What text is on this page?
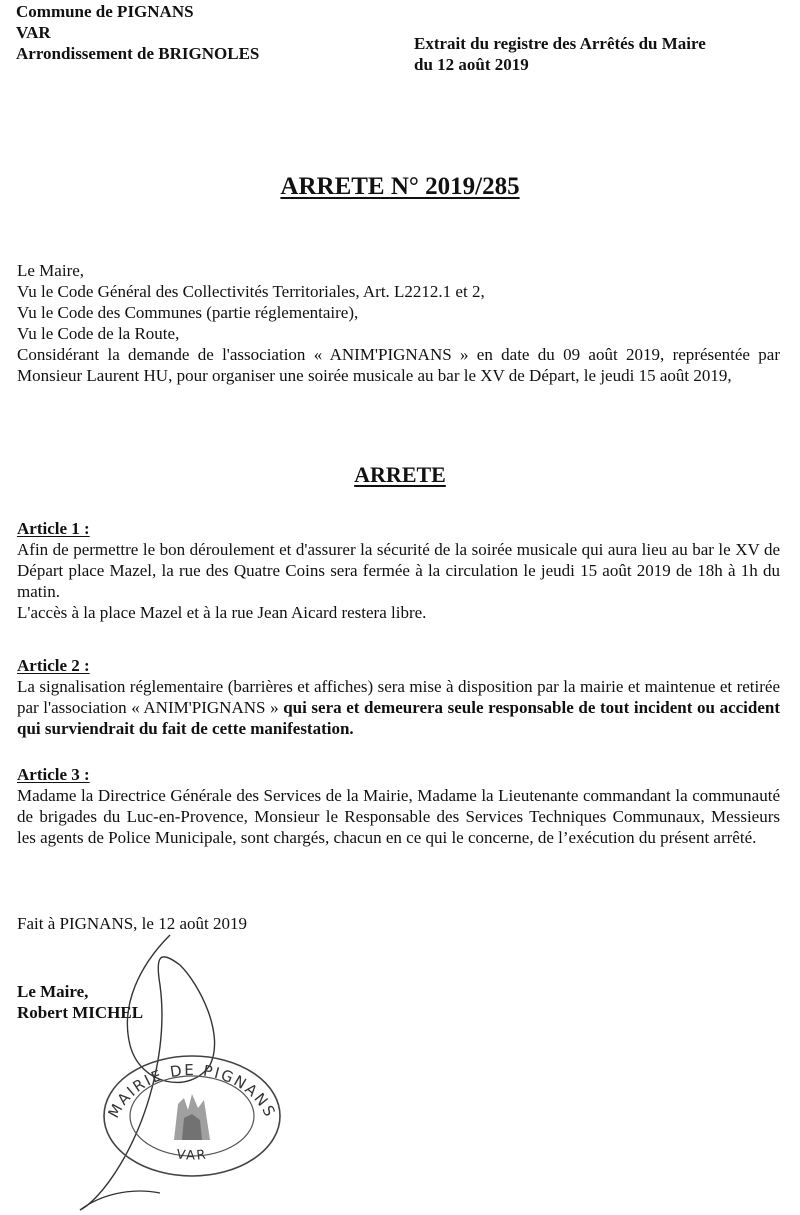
Commune de PIGNANS
VAR
Arrondissement de BRIGNOLES
Extrait du registre des Arrêtés du Maire
du 12 août 2019
ARRETE N° 2019/285

Le Maire,

Vu le Code Général des Collectivités Territoriales, Art. L2212.1 et 2,

Vu le Code des Communes (partie réglementaire),

Vu le Code de la Route,

Considérant la demande de l'association « ANIM'PIGNANS » en date du 09 août 2019, représentée par Monsieur Laurent HU, pour organiser une soirée musicale au bar le XV de Départ, le jeudi 15 août 2019,

ARRETE

Article 1 :

Afin de permettre le bon déroulement et d'assurer la sécurité de la soirée musicale qui aura lieu au bar le XV de Départ place Mazel, la rue des Quatre Coins sera fermée à la circulation le jeudi 15 août 2019 de 18h à 1h du matin.

L'accès à la place Mazel et à la rue Jean Aicard restera libre.

Article 2 :

La signalisation réglementaire (barrières et affiches) sera mise à disposition par la mairie et maintenue et retirée par l'association « ANIM'PIGNANS » qui sera et demeurera seule responsable de tout incident ou accident qui surviendrait du fait de cette manifestation.

Article 3 :

Madame la Directrice Générale des Services de la Mairie, Madame la Lieutenante commandant la communauté de brigades du Luc-en-Provence, Monsieur le Responsable des Services Techniques Communaux, Messieurs les agents de Police Municipale, sont chargés, chacun en ce qui le concerne, de l’exécution du présent arrêté.

Fait à PIGNANS, le 12 août 2019
Le Maire,
Robert MICHEL
MAIRIE DE PIGNANS
VAR
